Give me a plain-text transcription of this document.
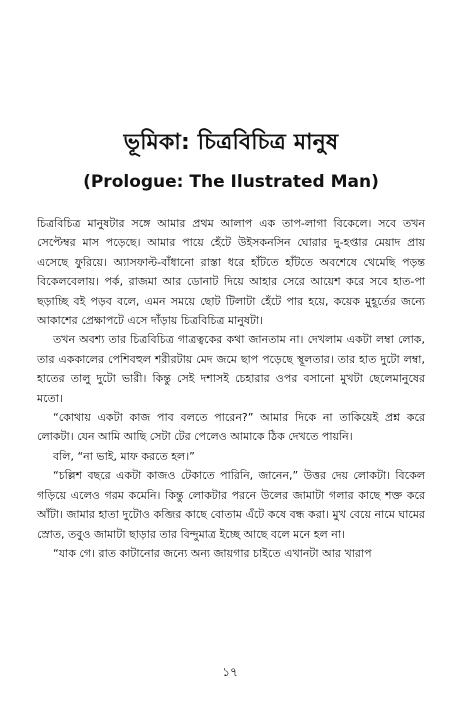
ভূমিকা: চিত্রবিচিত্র মানুষ
(Prologue: The Ilustrated Man)

চিত্রবিচিত্র মানুষটার সঙ্গে আমার প্রথম আলাপ এক তাপ-লাগা বিকেলে। সবে তখন সেপ্টেম্বর মাস পড়েছে। আমার পায়ে হেঁটে উইসকনসিন ঘোরার দু-হপ্তার মেয়াদ প্রায় এসেছে ফুরিয়ে। অ্যাসফাল্ট-বাঁধানো রাস্তা ধরে হাঁটতে হাঁটতে অবশেষে থেমেছি পড়ন্ত বিকেলবেলায়। পর্ক, রাজমা আর ডোনাট দিয়ে আহার সেরে আয়েশ করে সবে হাত-পা ছড়াচ্ছি বই পড়ব বলে, এমন সময়ে ছোট টিলাটা হেঁটে পার হয়ে, কয়েক মুহূর্তের জন্যে আকাশের প্রেক্ষাপটে এসে দাঁড়ায় চিত্রবিচিত্র মানুষটা।

তখন অবশ্য তার চিত্রবিচিত্র গাত্রত্বকের কথা জানতাম না। দেখলাম একটা লম্বা লোক, তার এককালের পেশিবহুল শরীরটায় মেদ জমে ছাপ পড়েছে স্থূলতার। তার হাত দুটো লম্বা, হাতের তালু দুটো ভারী। কিন্তু সেই দশাসই চেহারার ওপর বসানো মুখটা ছেলেমানুষের মতো।

“কোথায় একটা কাজ পাব বলতে পারেন?” আমার দিকে না তাকিয়েই প্রশ্ন করে লোকটা। যেন আমি আছি সেটা টের পেলেও আমাকে ঠিক দেখতে পায়নি।

বলি, “না ভাই, মাফ করতে হল।”

“চল্লিশ বছরে একটা কাজও টেকাতে পারিনি, জানেন,” উত্তর দেয় লোকটা। বিকেল গড়িয়ে এলেও গরম কমেনি। কিন্তু লোকটার পরনে উলের জামাটা গলার কাছে শক্ত করে আঁটা। জামার হাতা দুটোও কব্জির কাছে বোতাম এঁটে কষে বন্ধ করা। মুখ বেয়ে নামে ঘামের স্রোত, তবুও জামাটা ছাড়ার তার বিন্দুমাত্র ইচ্ছে আছে বলে মনে হল না।

“যাক গে। রাত কাটানোর জন্যে অন্য জায়গার চাইতে এখানটা আর খারাপ

১৭
